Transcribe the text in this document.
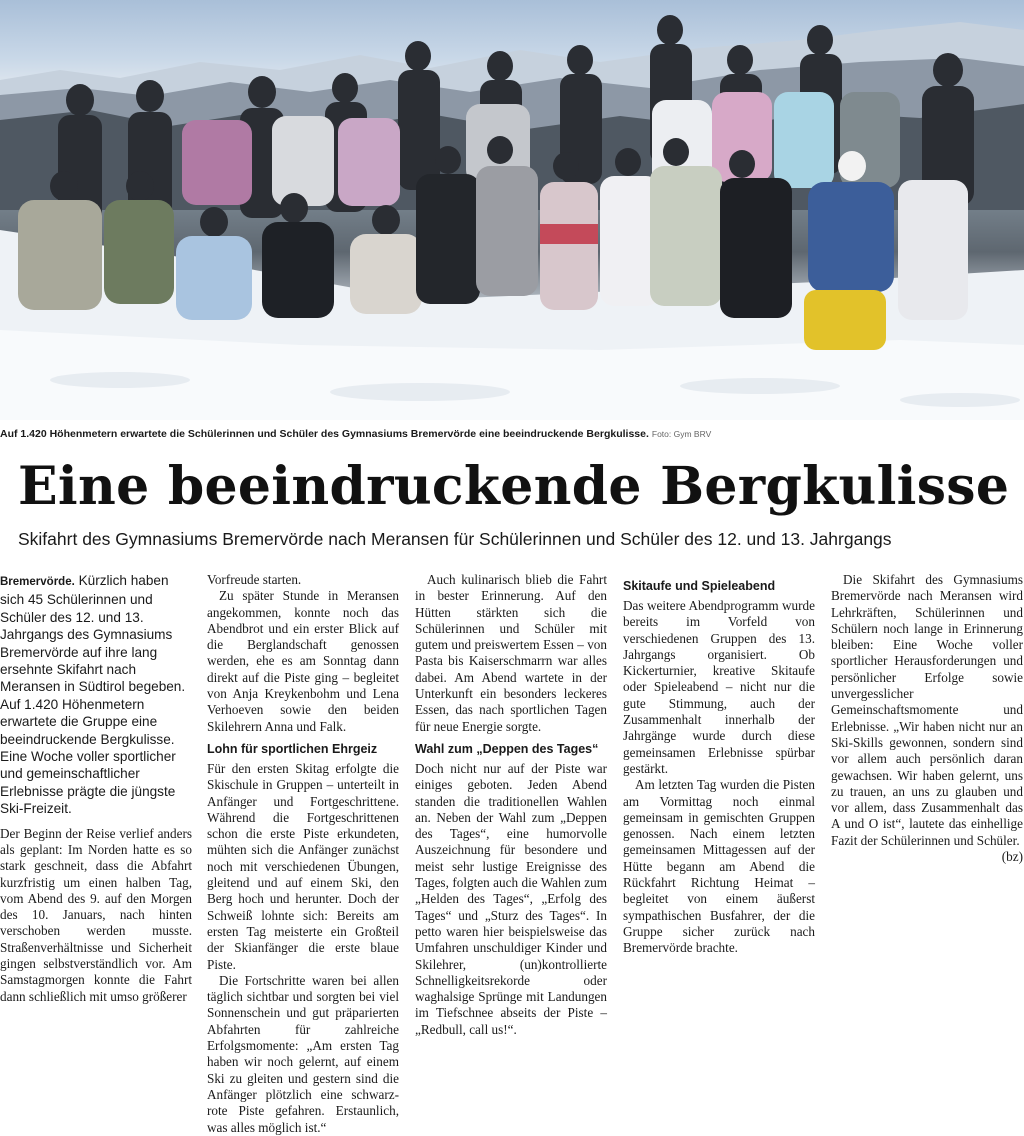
Auf 1.420 Höhenmetern erwartete die Schülerinnen und Schüler des Gymnasiums Bremervörde eine beeindruckende Bergkulisse. Foto: Gym BRV
Eine beeindruckende Bergkulisse
Skifahrt des Gymnasiums Bremervörde nach Meransen für Schülerinnen und Schüler des 12. und 13. Jahrgangs

Bremervörde. Kürzlich haben sich 45 Schülerinnen und Schüler des 12. und 13. Jahrgangs des Gymnasiums Bremervörde auf ihre lang ersehnte Skifahrt nach Meransen in Südtirol begeben. Auf 1.420 Höhenmetern erwartete die Gruppe eine beeindruckende Bergkulisse. Eine Woche voller sportlicher und gemeinschaftlicher Erlebnisse prägte die jüngste Ski-Freizeit.

Der Beginn der Reise verlief anders als geplant: Im Norden hatte es so stark geschneit, dass die Abfahrt kurzfristig um einen halben Tag, vom Abend des 9. auf den Morgen des 10. Januars, nach hinten verschoben werden musste. Straßenverhältnisse und Sicherheit gingen selbstverständlich vor. Am Samstagmorgen konnte die Fahrt dann schließlich mit umso größerer

Vorfreude starten.

Zu später Stunde in Meransen angekommen, konnte noch das Abendbrot und ein erster Blick auf die Berglandschaft genossen werden, ehe es am Sonntag dann direkt auf die Piste ging – begleitet von Anja Kreykenbohm und Lena Verhoeven sowie den beiden Skilehrern Anna und Falk.

Lohn für sportlichen Ehrgeiz

Für den ersten Skitag erfolgte die Skischule in Gruppen – unterteilt in Anfänger und Fortgeschrittene. Während die Fortgeschrittenen schon die erste Piste erkundeten, mühten sich die Anfänger zunächst noch mit verschiedenen Übungen, gleitend und auf einem Ski, den Berg hoch und herunter. Doch der Schweiß lohnte sich: Bereits am ersten Tag meisterte ein Großteil der Skianfänger die erste blaue Piste.

Die Fortschritte waren bei allen täglich sichtbar und sorgten bei viel Sonnenschein und gut präparierten Abfahrten für zahlreiche Erfolgsmomente: „Am ersten Tag haben wir noch gelernt, auf einem Ski zu gleiten und gestern sind die Anfänger plötzlich eine schwarz-rote Piste gefahren. Erstaunlich, was alles möglich ist.“

Auch kulinarisch blieb die Fahrt in bester Erinnerung. Auf den Hütten stärkten sich die Schülerinnen und Schüler mit gutem und preiswertem Essen – von Pasta bis Kaiserschmarrn war alles dabei. Am Abend wartete in der Unterkunft ein besonders leckeres Essen, das nach sportlichen Tagen für neue Energie sorgte.

Wahl zum „Deppen des Tages“

Doch nicht nur auf der Piste war einiges geboten. Jeden Abend standen die traditionellen Wahlen an. Neben der Wahl zum „Deppen des Tages“, eine humorvolle Auszeichnung für besondere und meist sehr lustige Ereignisse des Tages, folgten auch die Wahlen zum „Helden des Tages“, „Erfolg des Tages“ und „Sturz des Tages“. In petto waren hier beispielsweise das Umfahren unschuldiger Kinder und Skilehrer, (un)kontrollierte Schnelligkeitsrekorde oder waghalsige Sprünge mit Landungen im Tiefschnee abseits der Piste – „Redbull, call us!“.

Skitaufe und Spieleabend

Das weitere Abendprogramm wurde bereits im Vorfeld von verschiedenen Gruppen des 13. Jahrgangs organisiert. Ob Kickerturnier, kreative Skitaufe oder Spieleabend – nicht nur die gute Stimmung, auch der Zusammenhalt innerhalb der Jahrgänge wurde durch diese gemeinsamen Erlebnisse spürbar gestärkt.

Am letzten Tag wurden die Pisten am Vormittag noch einmal gemeinsam in gemischten Gruppen genossen. Nach einem letzten gemeinsamen Mittagessen auf der Hütte begann am Abend die Rückfahrt Richtung Heimat – begleitet von einem äußerst sympathischen Busfahrer, der die Gruppe sicher zurück nach Bremervörde brachte.

Die Skifahrt des Gymnasiums Bremervörde nach Meransen wird Lehrkräften, Schülerinnen und Schülern noch lange in Erinnerung bleiben: Eine Woche voller sportlicher Herausforderungen und persönlicher Erfolge sowie unvergesslicher Gemeinschaftsmomente und Erlebnisse. „Wir haben nicht nur an Ski-Skills gewonnen, sondern sind vor allem auch persönlich daran gewachsen. Wir haben gelernt, uns zu trauen, an uns zu glauben und vor allem, dass Zusammenhalt das A und O ist“, lautete das einhellige Fazit der Schülerinnen und Schüler.

(bz)
